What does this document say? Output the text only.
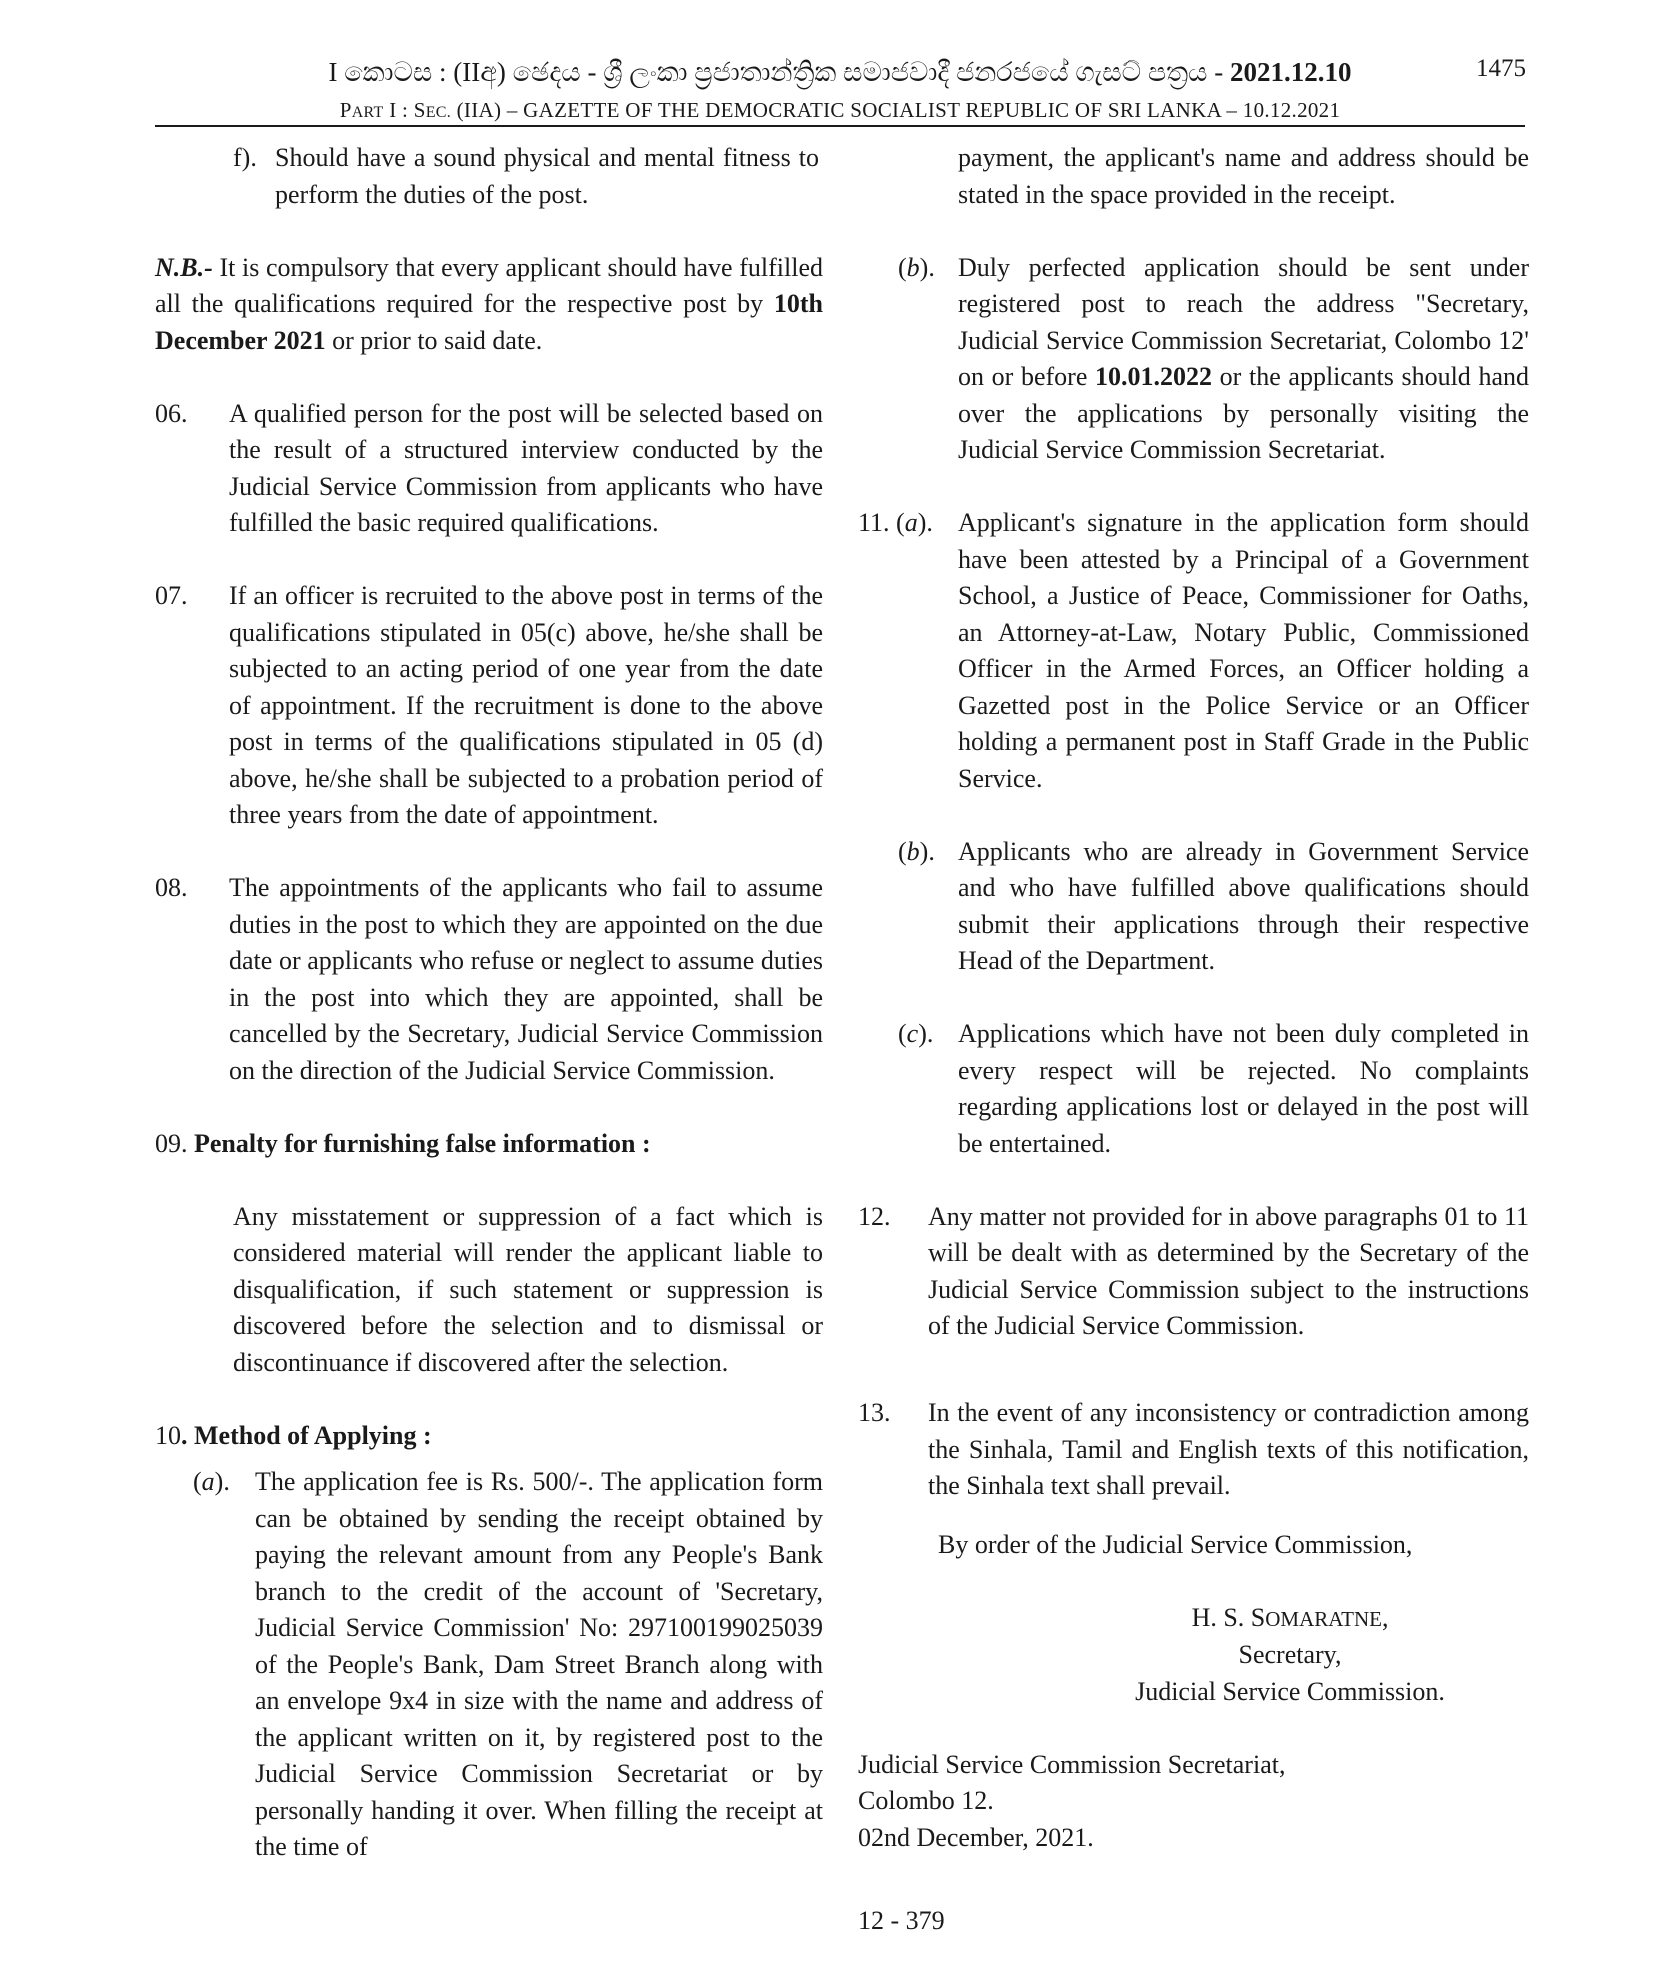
I කොටස : (IIඅ) ඡෙදය - ශ්‍රී ලංකා ප්‍රජාතාන්ත්‍රික සමාජවාදී ජනරජයේ ගැසට් පත්‍රය - 2021.12.10
PART I : SEC. (IIA) – GAZETTE OF THE DEMOCRATIC SOCIALIST REPUBLIC OF SRI LANKA – 10.12.2021
1475
f). Should have a sound physical and mental fitness to perform the duties of the post.

N.B.- It is compulsory that every applicant should have fulfilled all the qualifications required for the respective post by 10th December 2021 or prior to said date.

06. A qualified person for the post will be selected based on the result of a structured interview conducted by the Judicial Service Commission from applicants who have fulfilled the basic required qualifications.
07. If an officer is recruited to the above post in terms of the qualifications stipulated in 05(c) above, he/she shall be subjected to an acting period of one year from the date of appointment. If the recruitment is done to the above post in terms of the qualifications stipulated in 05 (d) above, he/she shall be subjected to a probation period of three years from the date of appointment.
08. The appointments of the applicants who fail to assume duties in the post to which they are appointed on the due date or applicants who refuse or neglect to assume duties in the post into which they are appointed, shall be cancelled by the Secretary, Judicial Service Commission on the direction of the Judicial Service Commission.

09. Penalty for furnishing false information :

Any misstatement or suppression of a fact which is considered material will render the applicant liable to disqualification, if such statement or suppression is discovered before the selection and to dismissal or discontinuance if discovered after the selection.

10. Method of Applying :

(a). The application fee is Rs. 500/-. The application form can be obtained by sending the receipt obtained by paying the relevant amount from any People's Bank branch to the credit of the account of 'Secretary, Judicial Service Commission' No: 297100199025039 of the People's Bank, Dam Street Branch along with an envelope 9x4 in size with the name and address of the applicant written on it, by registered post to the Judicial Service Commission Secretariat or by personally handing it over. When filling the receipt at the time of
payment, the applicant's name and address should be stated in the space provided in the receipt.
(b). Duly perfected application should be sent under registered post to reach the address "Secretary, Judicial Service Commission Secretariat, Colombo 12' on or before 10.01.2022 or the applicants should hand over the applications by personally visiting the Judicial Service Commission Secretariat.
11. (a). Applicant's signature in the application form should have been attested by a Principal of a Government School, a Justice of Peace, Commissioner for Oaths, an Attorney-at-Law, Notary Public, Commissioned Officer in the Armed Forces, an Officer holding a Gazetted post in the Police Service or an Officer holding a permanent post in Staff Grade in the Public Service.
(b). Applicants who are already in Government Service and who have fulfilled above qualifications should submit their applications through their respective Head of the Department.
(c). Applications which have not been duly completed in every respect will be rejected. No complaints regarding applications lost or delayed in the post will be entertained.
12. Any matter not provided for in above paragraphs 01 to 11 will be dealt with as determined by the Secretary of the Judicial Service Commission subject to the instructions of the Judicial Service Commission.
13. In the event of any inconsistency or contradiction among the Sinhala, Tamil and English texts of this notification, the Sinhala text shall prevail.

By order of the Judicial Service Commission,

H. S. SOMARATNE,
Secretary,
Judicial Service Commission.
Judicial Service Commission Secretariat,
Colombo 12.
02nd December, 2021.
12 - 379
